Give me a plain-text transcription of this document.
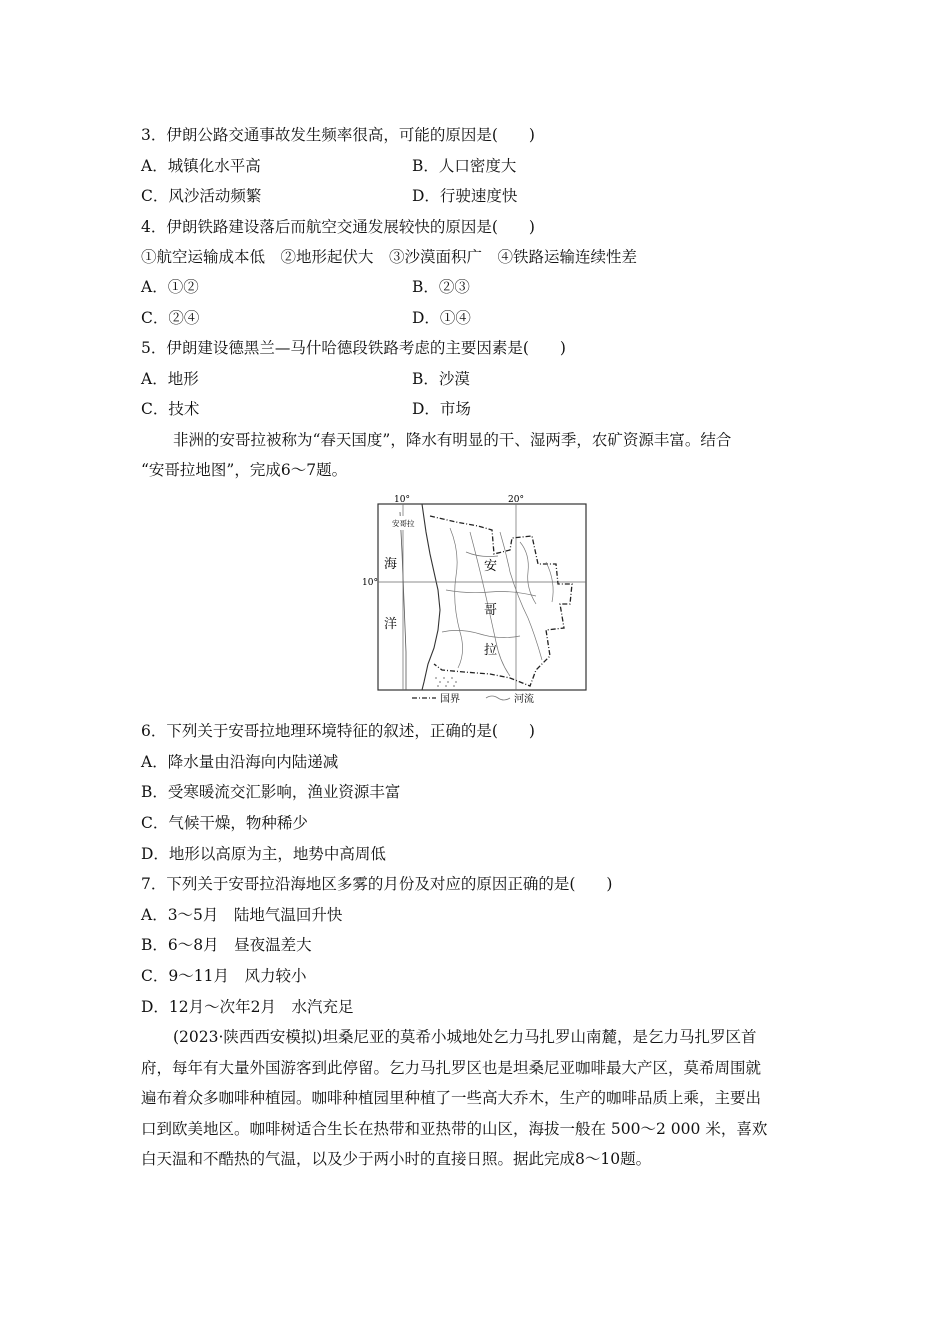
3．伊朗公路交通事故发生频率很高，可能的原因是(　　)
A．城镇化水平高	B．人口密度大
C．风沙活动频繁	D．行驶速度快
4．伊朗铁路建设落后而航空交通发展较快的原因是(　　)
①航空运输成本低　②地形起伏大　③沙漠面积广　④铁路运输连续性差
A．①②	B．②③
C．②④	D．①④
5．伊朗建设德黑兰—马什哈德段铁路考虑的主要因素是(　　)
A．地形	B．沙漠
C．技术	D．市场
非洲的安哥拉被称为“春天国度”，降水有明显的干、湿两季，农矿资源丰富。结合
“安哥拉地图”，完成6～7题。
安哥拉
10°	20°
10°
海
洋
安
哥
拉
国界	河流
6．下列关于安哥拉地理环境特征的叙述，正确的是(　　)
A．降水量由沿海向内陆递减
B．受寒暖流交汇影响，渔业资源丰富
C．气候干燥，物种稀少
D．地形以高原为主，地势中高周低
7．下列关于安哥拉沿海地区多雾的月份及对应的原因正确的是(　　)
A．3～5月　陆地气温回升快
B．6～8月　昼夜温差大
C．9～11月　风力较小
D．12月～次年2月　水汽充足
(2023·陕西西安模拟)坦桑尼亚的莫希小城地处乞力马扎罗山南麓，是乞力马扎罗区首
府，每年有大量外国游客到此停留。乞力马扎罗区也是坦桑尼亚咖啡最大产区，莫希周围就
遍布着众多咖啡种植园。咖啡种植园里种植了一些高大乔木，生产的咖啡品质上乘，主要出
口到欧美地区。咖啡树适合生长在热带和亚热带的山区，海拔一般在 500～2 000 米，喜欢
白天温和不酷热的气温，以及少于两小时的直接日照。据此完成8～10题。
